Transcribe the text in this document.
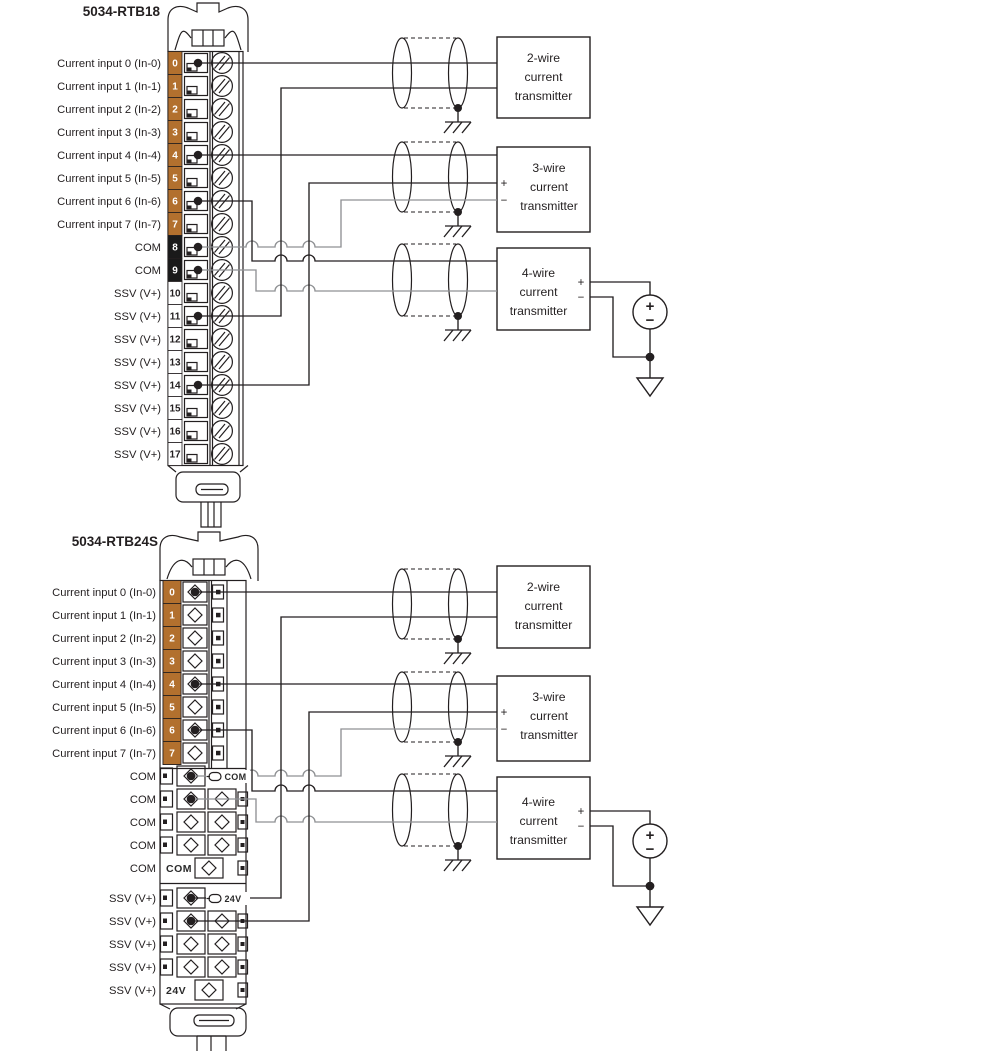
0
1
2
3
4
5
6
7
8
9
10
11
12
13
14
15
16
17
2-wire
current
transmitter
3-wire
current
transmitter
+
−
4-wire
current
transmitter
+
−	+
−
Current input 0 (In-0)
Current input 1 (In-1)
Current input 2 (In-2)
Current input 3 (In-3)
Current input 4 (In-4)
Current input 5 (In-5)
Current input 6 (In-6)
Current input 7 (In-7)
COM
COM
SSV (V+)
SSV (V+)
SSV (V+)
SSV (V+)
SSV (V+)
SSV (V+)
SSV (V+)
SSV (V+)
0
1
2
3
4
5
6
7
COM
24V
2-wire
current
transmitter
3-wire
current
transmitter
+
−
4-wire
current
transmitter
+
−
COM
24V
+
−
Current input 0 (In-0)
Current input 1 (In-1)
Current input 2 (In-2)
Current input 3 (In-3)
Current input 4 (In-4)
Current input 5 (In-5)
Current input 6 (In-6)
Current input 7 (In-7)
COM
COM
COM
COM
COM
SSV (V+)
SSV (V+)
SSV (V+)
SSV (V+)
SSV (V+)
5034-RTB18
5034-RTB24S
